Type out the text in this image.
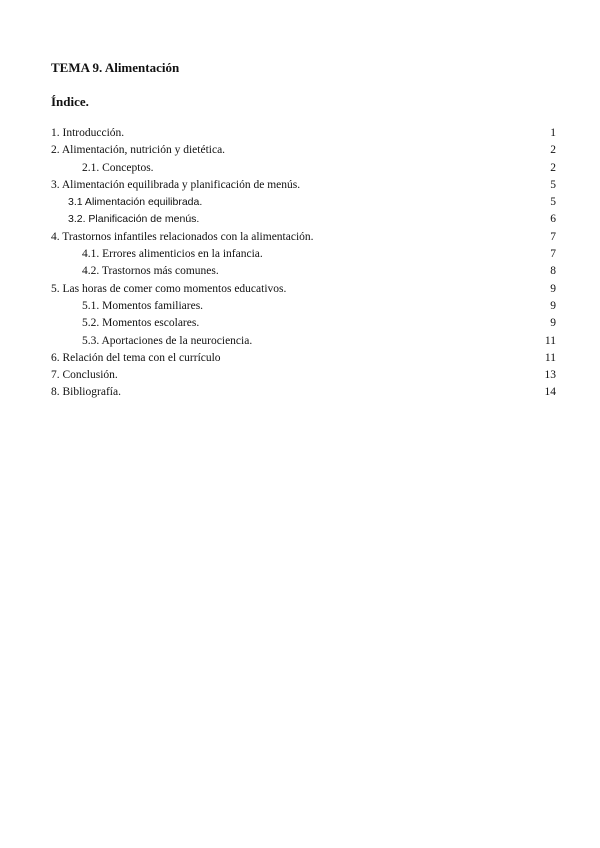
TEMA 9. Alimentación
Índice.
1. Introducción.	1
2. Alimentación, nutrición y dietética.	2
2.1. Conceptos.	2
3. Alimentación equilibrada y planificación de menús.	5
3.1 Alimentación equilibrada.	5
3.2. Planificación de menús.	6
4. Trastornos infantiles relacionados con la alimentación.	7
4.1. Errores alimenticios en la infancia.	7
4.2. Trastornos más comunes.	8
5. Las horas de comer como momentos educativos.	9
5.1. Momentos familiares.	9
5.2. Momentos escolares.	9
5.3. Aportaciones de la neurociencia.	11
6. Relación del tema con el currículo	11
7. Conclusión.	13
8. Bibliografía.	14
